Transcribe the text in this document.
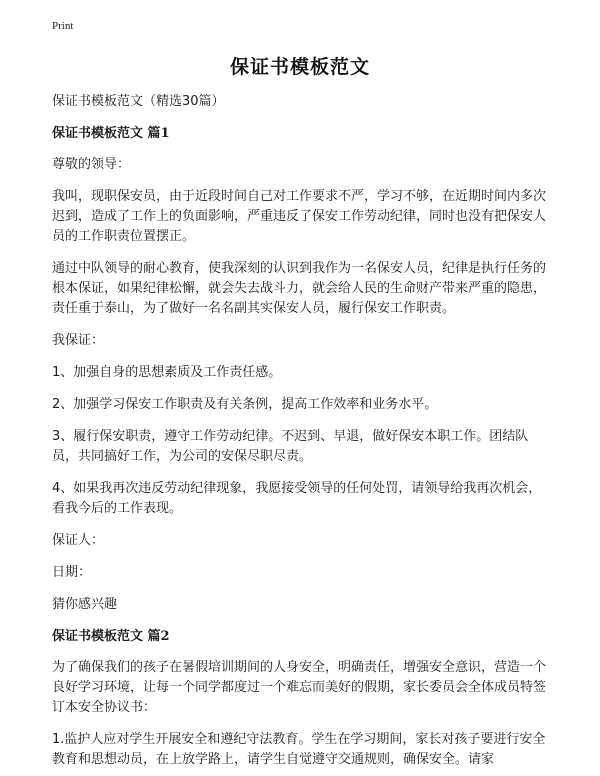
Print
保证书模板范文

保证书模板范文（精选30篇）

保证书模板范文 篇1

尊敬的领导：

我叫，现职保安员，由于近段时间自己对工作要求不严，学习不够，在近期时间内多次迟到，造成了工作上的负面影响，严重违反了保安工作劳动纪律，同时也没有把保安人员的工作职责位置摆正。

通过中队领导的耐心教育，使我深刻的认识到我作为一名保安人员，纪律是执行任务的根本保证，如果纪律松懈，就会失去战斗力，就会给人民的生命财产带来严重的隐患，责任重于泰山，为了做好一名名副其实保安人员，履行保安工作职责。

我保证：

1、加强自身的思想素质及工作责任感。

2、加强学习保安工作职责及有关条例，提高工作效率和业务水平。

3、履行保安职责，遵守工作劳动纪律。不迟到、早退，做好保安本职工作。团结队员，共同搞好工作，为公司的安保尽职尽责。

4、如果我再次违反劳动纪律现象，我愿接受领导的任何处罚，请领导给我再次机会，看我今后的工作表现。

保证人：

日期：

猜你感兴趣

保证书模板范文 篇2

为了确保我们的孩子在暑假培训期间的人身安全，明确责任，增强安全意识，营造一个良好学习环境，让每一个同学都度过一个难忘而美好的假期，家长委员会全体成员特签订本安全协议书：

1.监护人应对学生开展安全和遵纪守法教育。学生在学习期间，家长对孩子要进行安全教育和思想动员，在上放学路上，请学生自觉遵守交通规则，确保安全。请家
